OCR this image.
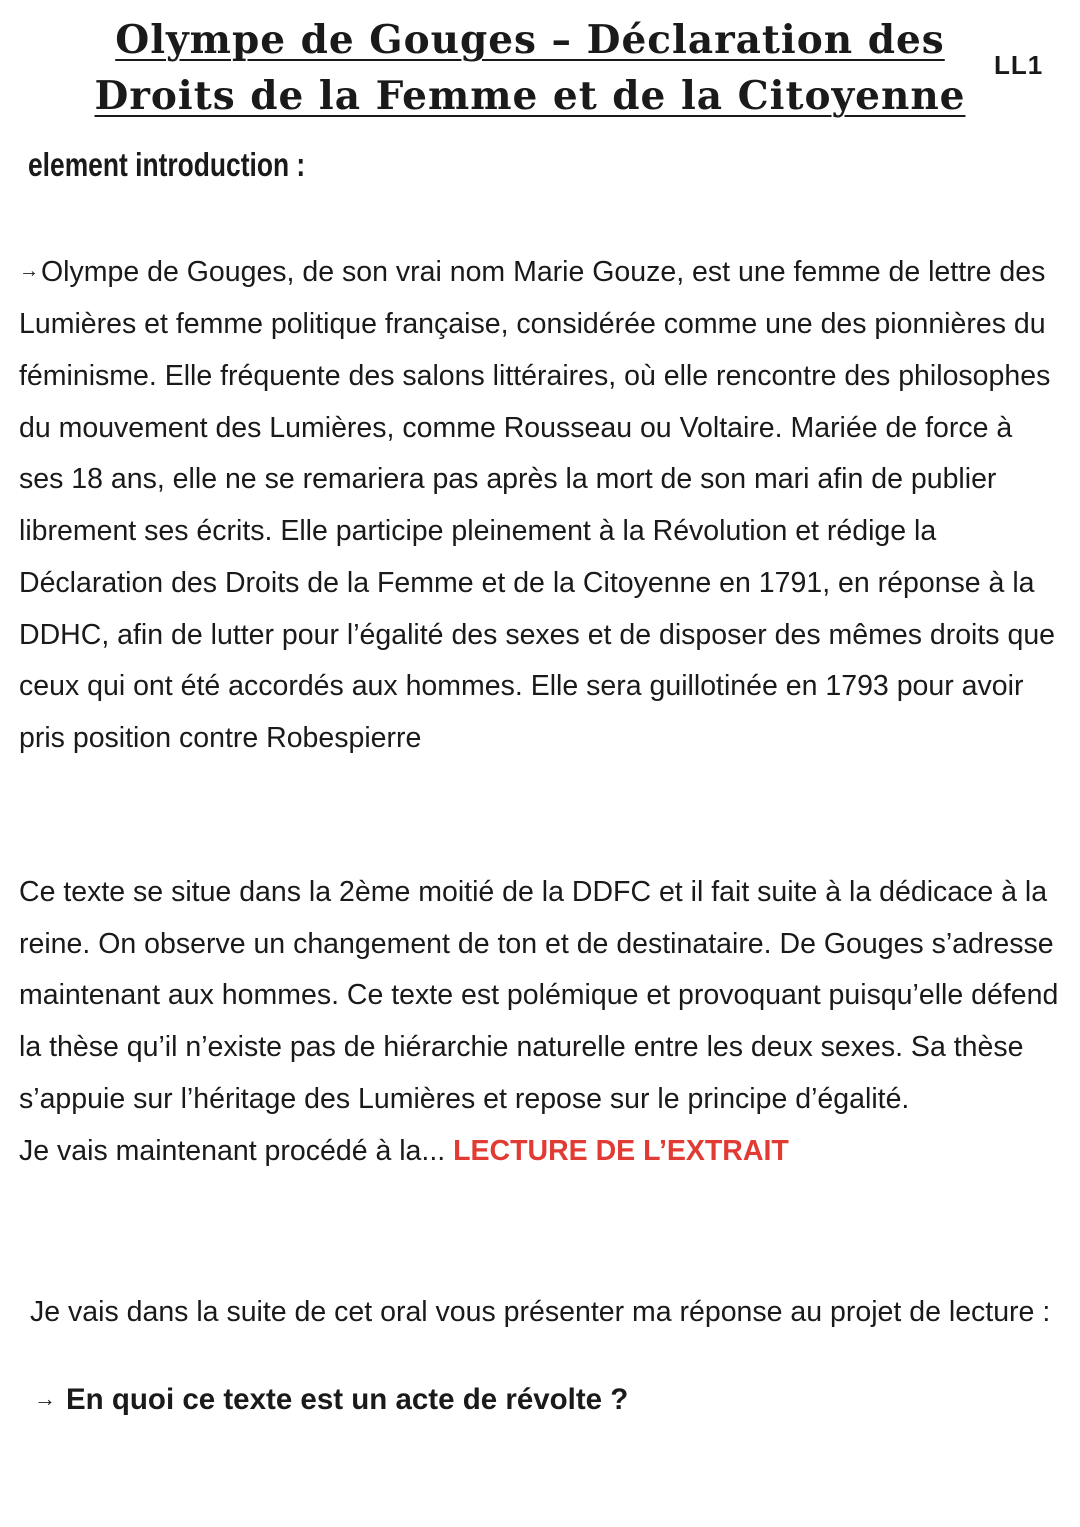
Olympe de Gouges – Déclaration des
Droits de la Femme et de la Citoyenne
LL1
element introduction :

→Olympe de Gouges, de son vrai nom Marie Gouze, est une femme de lettre des Lumières et femme politique française, considérée comme une des pionnières du féminisme. Elle fréquente des salons littéraires, où elle rencontre des philosophes du mouvement des Lumières, comme Rousseau ou Voltaire. Mariée de force à ses 18 ans, elle ne se remariera pas après la mort de son mari afin de publier librement ses écrits. Elle participe pleinement à la Révolution et rédige la Déclaration des Droits de la Femme et de la Citoyenne en 1791, en réponse à la DDHC, afin de lutter pour l’égalité des sexes et de disposer des mêmes droits que ceux qui ont été accordés aux hommes. Elle sera guillotinée en 1793 pour avoir pris position contre Robespierre

Ce texte se situe dans la 2ème moitié de la DDFC et il fait suite à la dédicace à la reine. On observe un changement de ton et de destinataire. De Gouges s’adresse maintenant aux hommes. Ce texte est polémique et provoquant puisqu’elle défend la thèse qu’il n’existe pas de hiérarchie naturelle entre les deux sexes. Sa thèse s’appuie sur l’héritage des Lumières et repose sur le principe d’égalité.
Je vais maintenant procédé à la... LECTURE DE L’EXTRAIT

Je vais dans la suite de cet oral vous présenter ma réponse au projet de lecture :
→ En quoi ce texte est un acte de révolte ?
